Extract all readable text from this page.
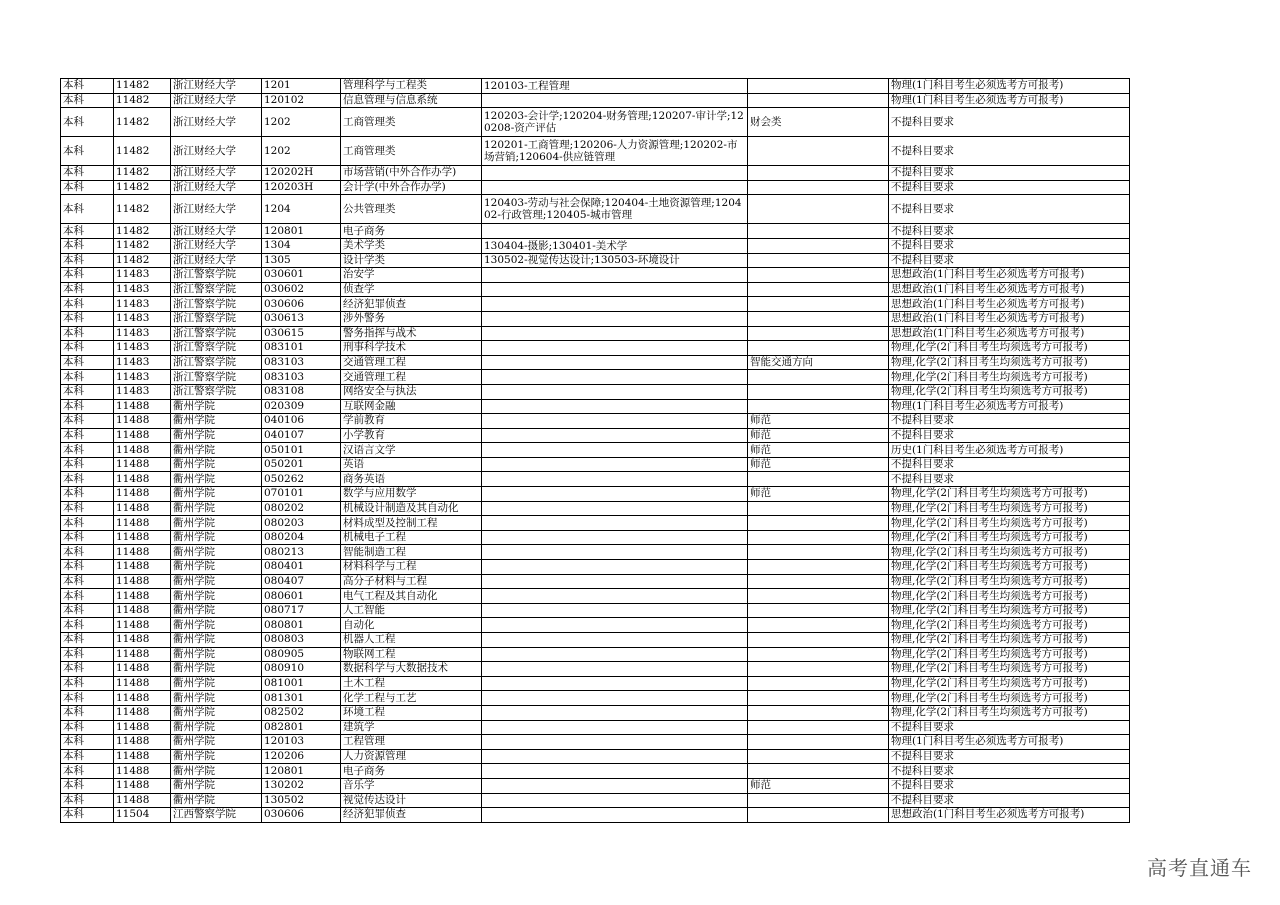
本科	11482	浙江财经大学	1201	管理科学与工程类	120103-工程管理		物理(1门科目考生必须选考方可报考)
本科	11482	浙江财经大学	120102	信息管理与信息系统			物理(1门科目考生必须选考方可报考)
本科	11482	浙江财经大学	1202	工商管理类	120203-会计学;120204-财务管理;120207-审计学;120208-资产评估	财会类	不提科目要求
本科	11482	浙江财经大学	1202	工商管理类	120201-工商管理;120206-人力资源管理;120202-市场营销;120604-供应链管理		不提科目要求
本科	11482	浙江财经大学	120202H	市场营销(中外合作办学)			不提科目要求
本科	11482	浙江财经大学	120203H	会计学(中外合作办学)			不提科目要求
本科	11482	浙江财经大学	1204	公共管理类	120403-劳动与社会保障;120404-土地资源管理;120402-行政管理;120405-城市管理		不提科目要求
本科	11482	浙江财经大学	120801	电子商务			不提科目要求
本科	11482	浙江财经大学	1304	美术学类	130404-摄影;130401-美术学		不提科目要求
本科	11482	浙江财经大学	1305	设计学类	130502-视觉传达设计;130503-环境设计		不提科目要求
本科	11483	浙江警察学院	030601	治安学			思想政治(1门科目考生必须选考方可报考)
本科	11483	浙江警察学院	030602	侦查学			思想政治(1门科目考生必须选考方可报考)
本科	11483	浙江警察学院	030606	经济犯罪侦查			思想政治(1门科目考生必须选考方可报考)
本科	11483	浙江警察学院	030613	涉外警务			思想政治(1门科目考生必须选考方可报考)
本科	11483	浙江警察学院	030615	警务指挥与战术			思想政治(1门科目考生必须选考方可报考)
本科	11483	浙江警察学院	083101	刑事科学技术			物理,化学(2门科目考生均须选考方可报考)
本科	11483	浙江警察学院	083103	交通管理工程		智能交通方向	物理,化学(2门科目考生均须选考方可报考)
本科	11483	浙江警察学院	083103	交通管理工程			物理,化学(2门科目考生均须选考方可报考)
本科	11483	浙江警察学院	083108	网络安全与执法			物理,化学(2门科目考生均须选考方可报考)
本科	11488	衢州学院	020309	互联网金融			物理(1门科目考生必须选考方可报考)
本科	11488	衢州学院	040106	学前教育		师范	不提科目要求
本科	11488	衢州学院	040107	小学教育		师范	不提科目要求
本科	11488	衢州学院	050101	汉语言文学		师范	历史(1门科目考生必须选考方可报考)
本科	11488	衢州学院	050201	英语		师范	不提科目要求
本科	11488	衢州学院	050262	商务英语			不提科目要求
本科	11488	衢州学院	070101	数学与应用数学		师范	物理,化学(2门科目考生均须选考方可报考)
本科	11488	衢州学院	080202	机械设计制造及其自动化			物理,化学(2门科目考生均须选考方可报考)
本科	11488	衢州学院	080203	材料成型及控制工程			物理,化学(2门科目考生均须选考方可报考)
本科	11488	衢州学院	080204	机械电子工程			物理,化学(2门科目考生均须选考方可报考)
本科	11488	衢州学院	080213	智能制造工程			物理,化学(2门科目考生均须选考方可报考)
本科	11488	衢州学院	080401	材料科学与工程			物理,化学(2门科目考生均须选考方可报考)
本科	11488	衢州学院	080407	高分子材料与工程			物理,化学(2门科目考生均须选考方可报考)
本科	11488	衢州学院	080601	电气工程及其自动化			物理,化学(2门科目考生均须选考方可报考)
本科	11488	衢州学院	080717	人工智能			物理,化学(2门科目考生均须选考方可报考)
本科	11488	衢州学院	080801	自动化			物理,化学(2门科目考生均须选考方可报考)
本科	11488	衢州学院	080803	机器人工程			物理,化学(2门科目考生均须选考方可报考)
本科	11488	衢州学院	080905	物联网工程			物理,化学(2门科目考生均须选考方可报考)
本科	11488	衢州学院	080910	数据科学与大数据技术			物理,化学(2门科目考生均须选考方可报考)
本科	11488	衢州学院	081001	土木工程			物理,化学(2门科目考生均须选考方可报考)
本科	11488	衢州学院	081301	化学工程与工艺			物理,化学(2门科目考生均须选考方可报考)
本科	11488	衢州学院	082502	环境工程			物理,化学(2门科目考生均须选考方可报考)
本科	11488	衢州学院	082801	建筑学			不提科目要求
本科	11488	衢州学院	120103	工程管理			物理(1门科目考生必须选考方可报考)
本科	11488	衢州学院	120206	人力资源管理			不提科目要求
本科	11488	衢州学院	120801	电子商务			不提科目要求
本科	11488	衢州学院	130202	音乐学		师范	不提科目要求
本科	11488	衢州学院	130502	视觉传达设计			不提科目要求
本科	11504	江西警察学院	030606	经济犯罪侦查			思想政治(1门科目考生必须选考方可报考)
高考直通车
